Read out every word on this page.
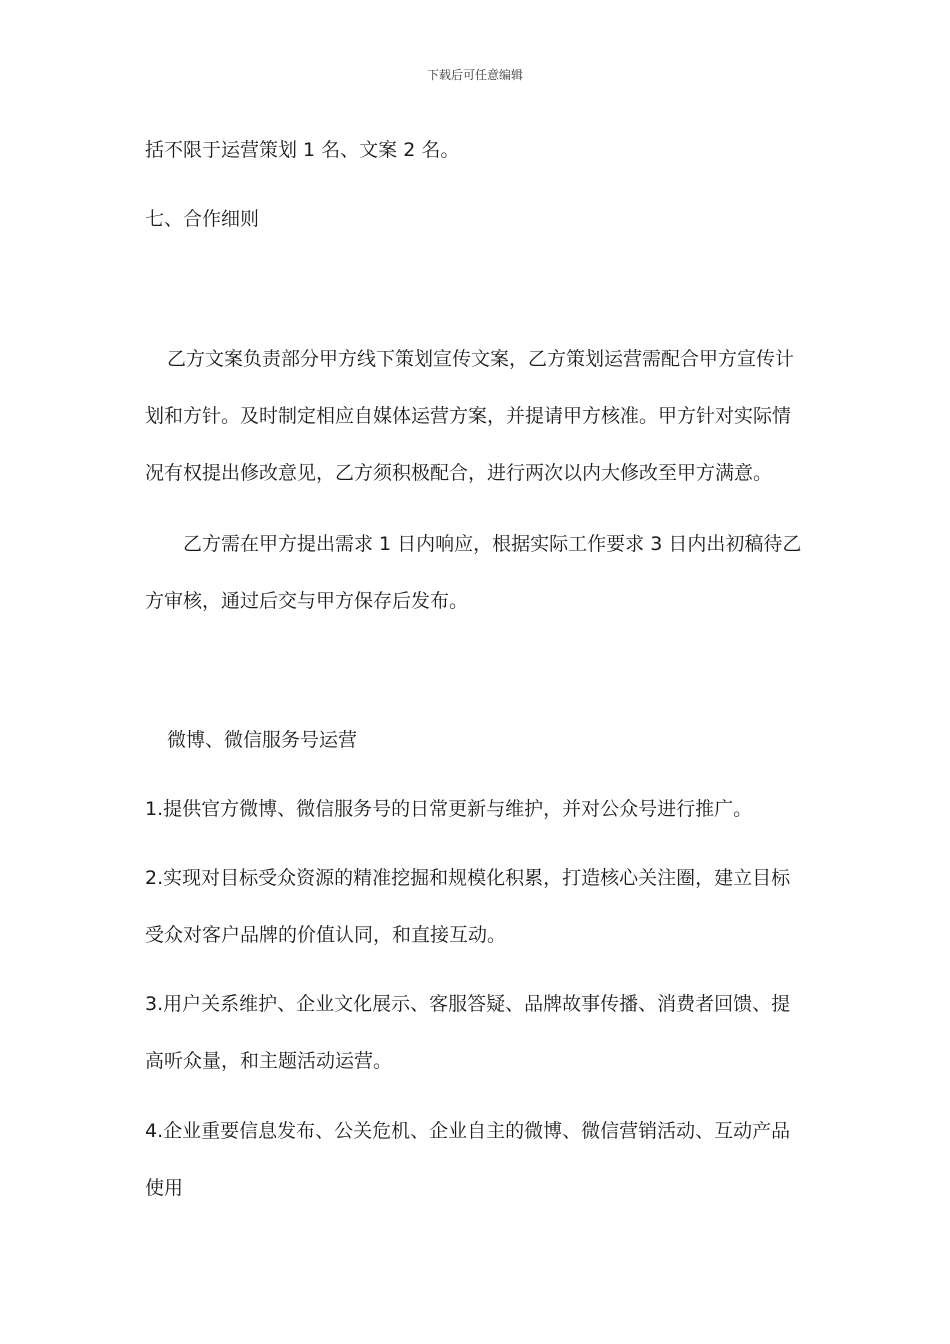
下载后可任意编辑
括不限于运营策划 1 名、文案 2 名。
七、合作细则
乙方文案负责部分甲方线下策划宣传文案，乙方策划运营需配合甲方宣传计
划和方针。及时制定相应自媒体运营方案，并提请甲方核准。甲方针对实际情
况有权提出修改意见，乙方须积极配合，进行两次以内大修改至甲方满意。
乙方需在甲方提出需求 1 日内响应，根据实际工作要求 3 日内出初稿待乙
方审核，通过后交与甲方保存后发布。
微博、微信服务号运营
1.提供官方微博、微信服务号的日常更新与维护，并对公众号进行推广。
2.实现对目标受众资源的精准挖掘和规模化积累，打造核心关注圈，建立目标
受众对客户品牌的价值认同，和直接互动。
3.用户关系维护、企业文化展示、客服答疑、品牌故事传播、消费者回馈、提
高听众量，和主题活动运营。
4.企业重要信息发布、公关危机、企业自主的微博、微信营销活动、互动产品
使用
